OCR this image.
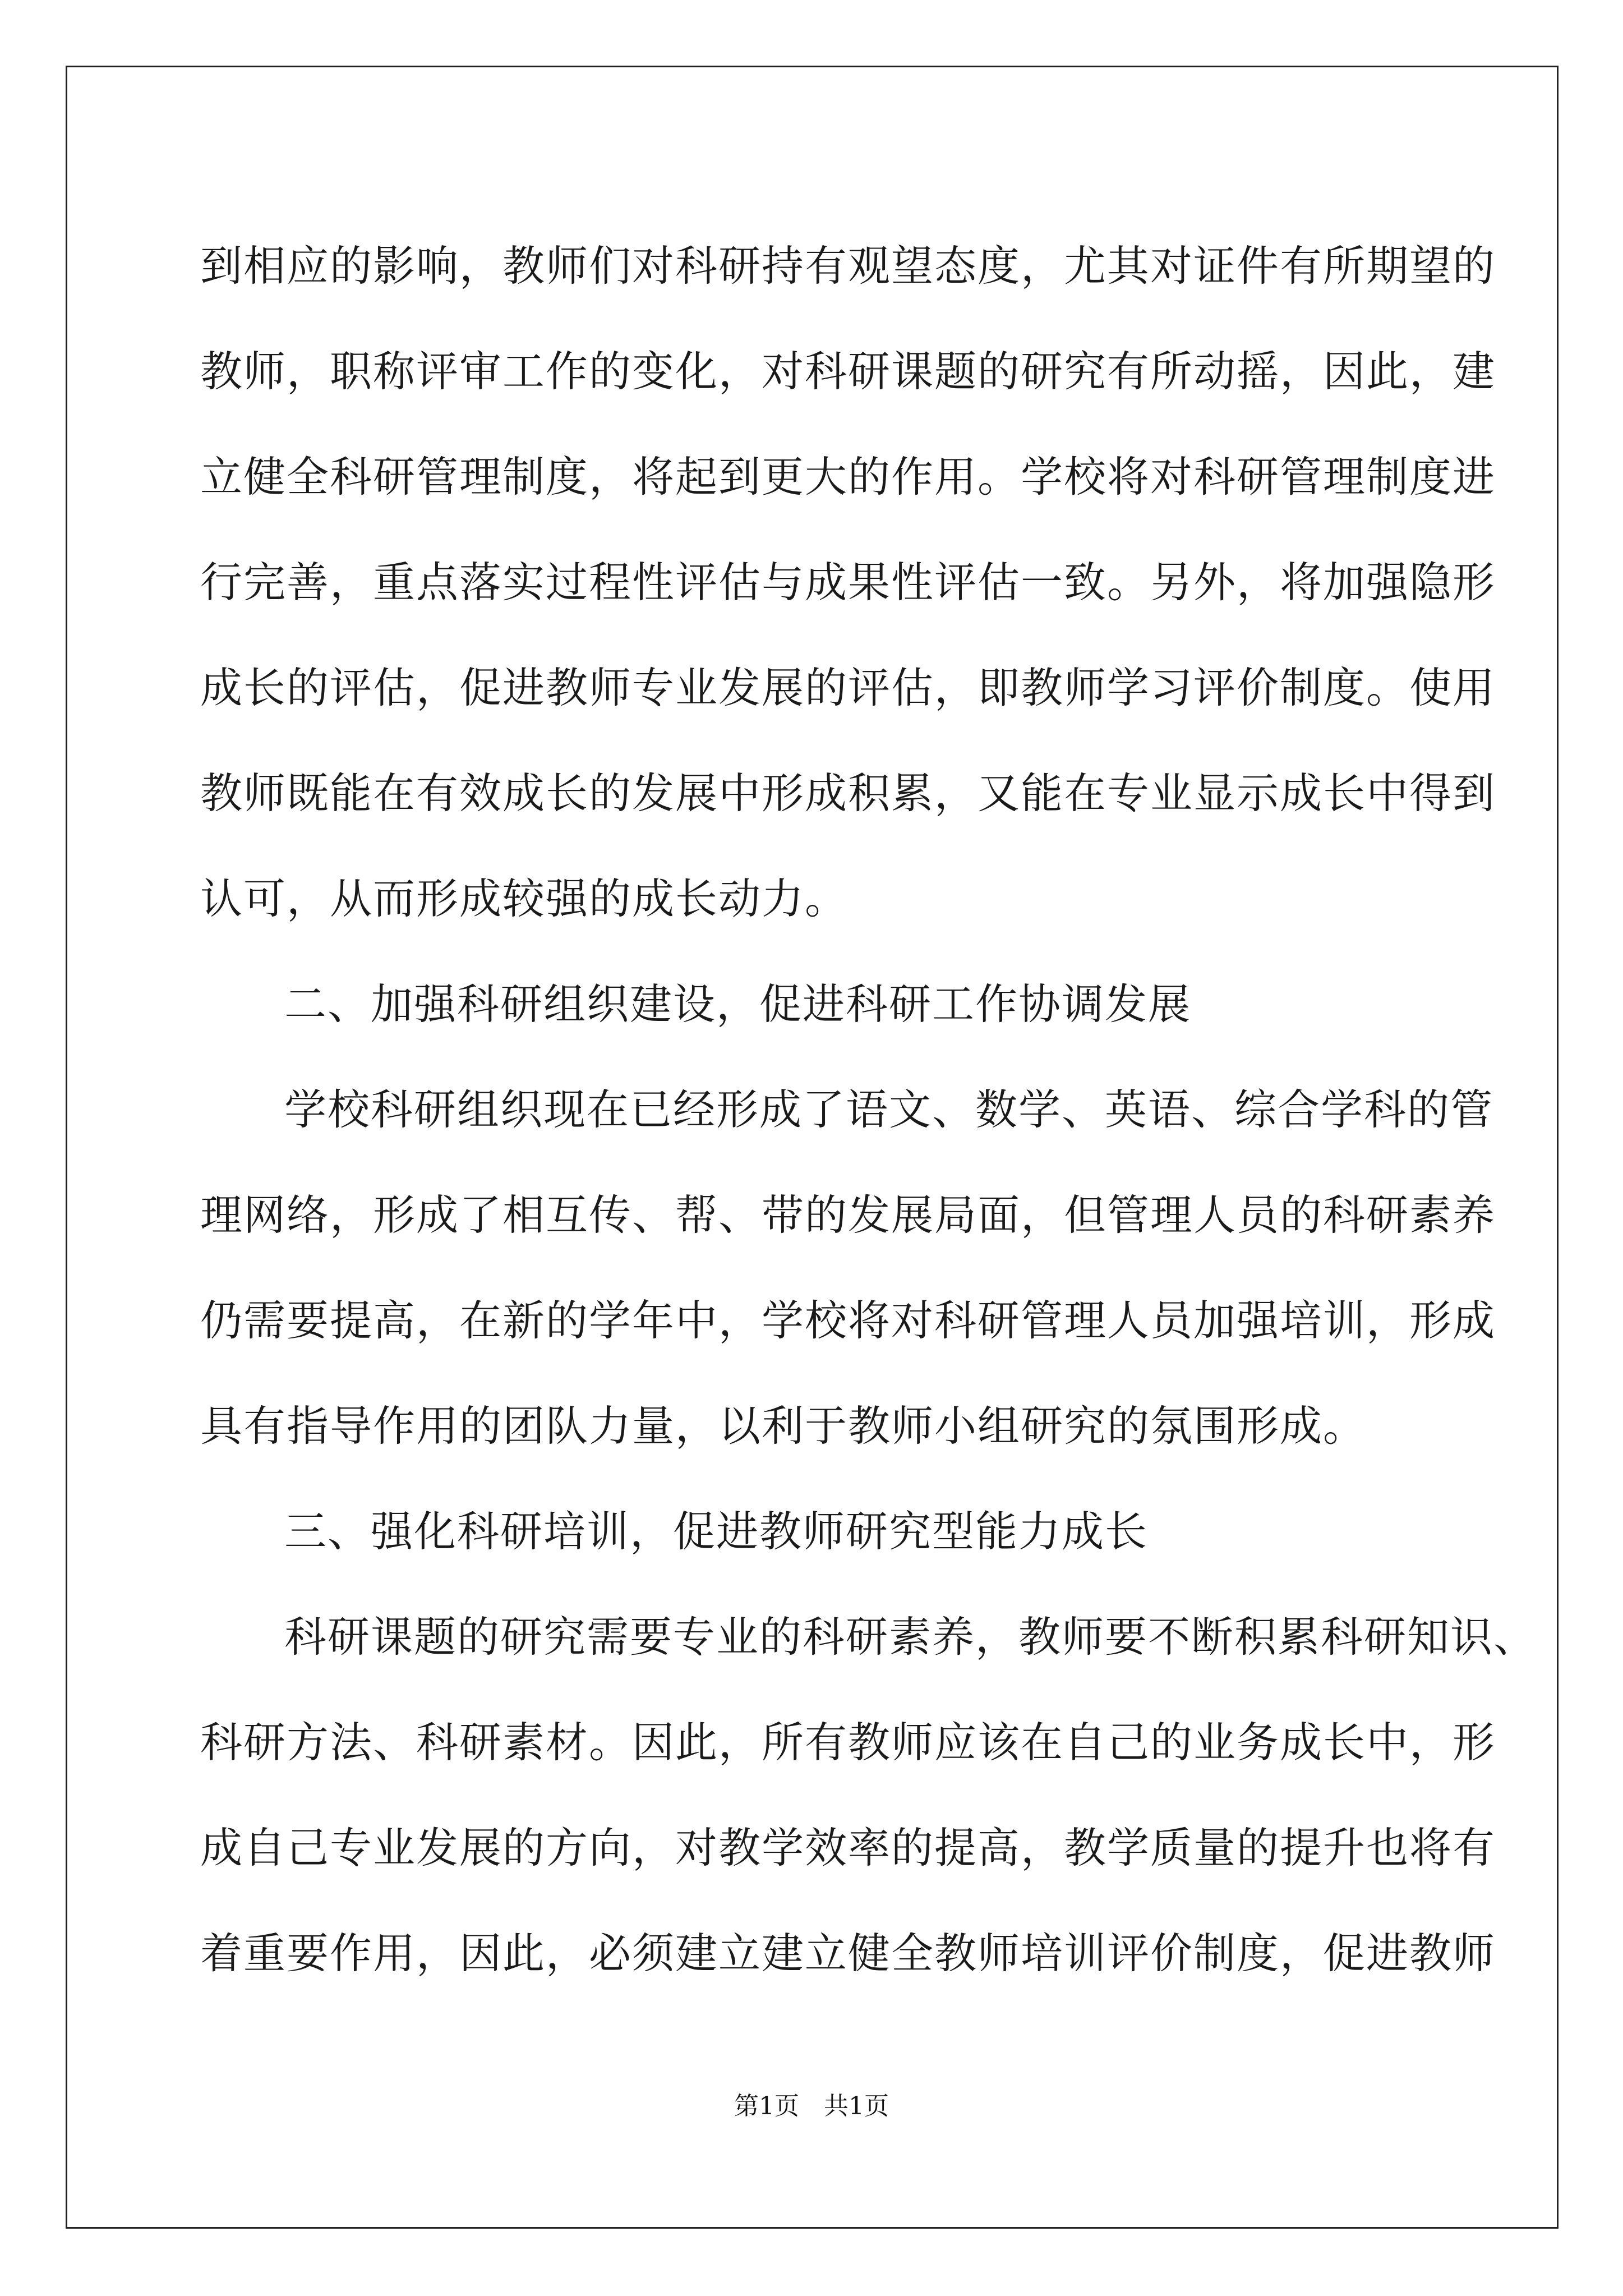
到相应的影响，教师们对科研持有观望态度，尤其对证件有所期望的
教师，职称评审工作的变化，对科研课题的研究有所动摇，因此，建
立健全科研管理制度，将起到更大的作用。学校将对科研管理制度进
行完善，重点落实过程性评估与成果性评估一致。另外，将加强隐形
成长的评估，促进教师专业发展的评估，即教师学习评价制度。使用
教师既能在有效成长的发展中形成积累，又能在专业显示成长中得到
认可，从而形成较强的成长动力。

二、加强科研组织建设，促进科研工作协调发展

学校科研组织现在已经形成了语文、数学、英语、综合学科的管
理网络，形成了相互传、帮、带的发展局面，但管理人员的科研素养
仍需要提高，在新的学年中，学校将对科研管理人员加强培训，形成
具有指导作用的团队力量，以利于教师小组研究的氛围形成。

三、强化科研培训，促进教师研究型能力成长

科研课题的研究需要专业的科研素养，教师要不断积累科研知识、
科研方法、科研素材。因此，所有教师应该在自己的业务成长中，形
成自己专业发展的方向，对教学效率的提高，教学质量的提升也将有
着重要作用，因此，必须建立建立健全教师培训评价制度，促进教师

第1页　共1页
